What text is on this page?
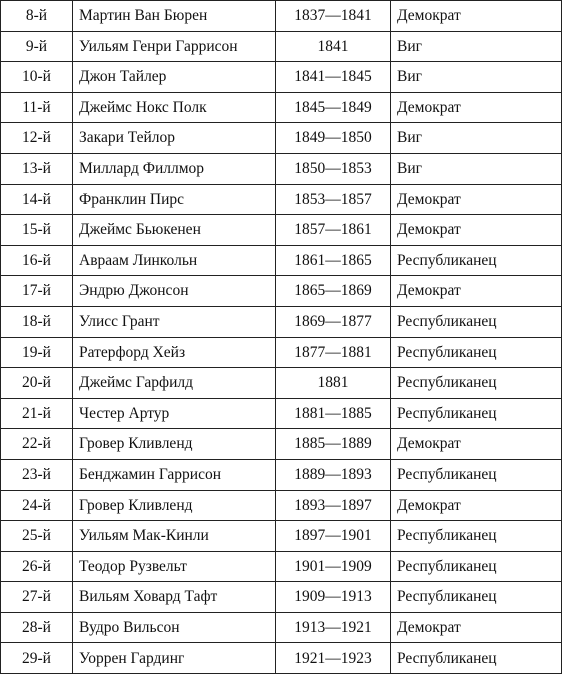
8-й	Мартин Ван Бюрен	1837—1841	Демократ
9-й	Уильям Генри Гаррисон	1841	Виг
10-й	Джон Тайлер	1841—1845	Виг
11-й	Джеймс Нокс Полк	1845—1849	Демократ
12-й	Закари Тейлор	1849—1850	Виг
13-й	Миллард Филлмор	1850—1853	Виг
14-й	Франклин Пирс	1853—1857	Демократ
15-й	Джеймс Бьюкенен	1857—1861	Демократ
16-й	Авраам Линкольн	1861—1865	Республиканец
17-й	Эндрю Джонсон	1865—1869	Демократ
18-й	Улисс Грант	1869—1877	Республиканец
19-й	Ратерфорд Хейз	1877—1881	Республиканец
20-й	Джеймс Гарфилд	1881	Республиканец
21-й	Честер Артур	1881—1885	Республиканец
22-й	Гровер Кливленд	1885—1889	Демократ
23-й	Бенджамин Гаррисон	1889—1893	Республиканец
24-й	Гровер Кливленд	1893—1897	Демократ
25-й	Уильям Мак-Кинли	1897—1901	Республиканец
26-й	Теодор Рузвельт	1901—1909	Республиканец
27-й	Вильям Ховард Тафт	1909—1913	Республиканец
28-й	Вудро Вильсон	1913—1921	Демократ
29-й	Уоррен Гардинг	1921—1923	Республиканец
